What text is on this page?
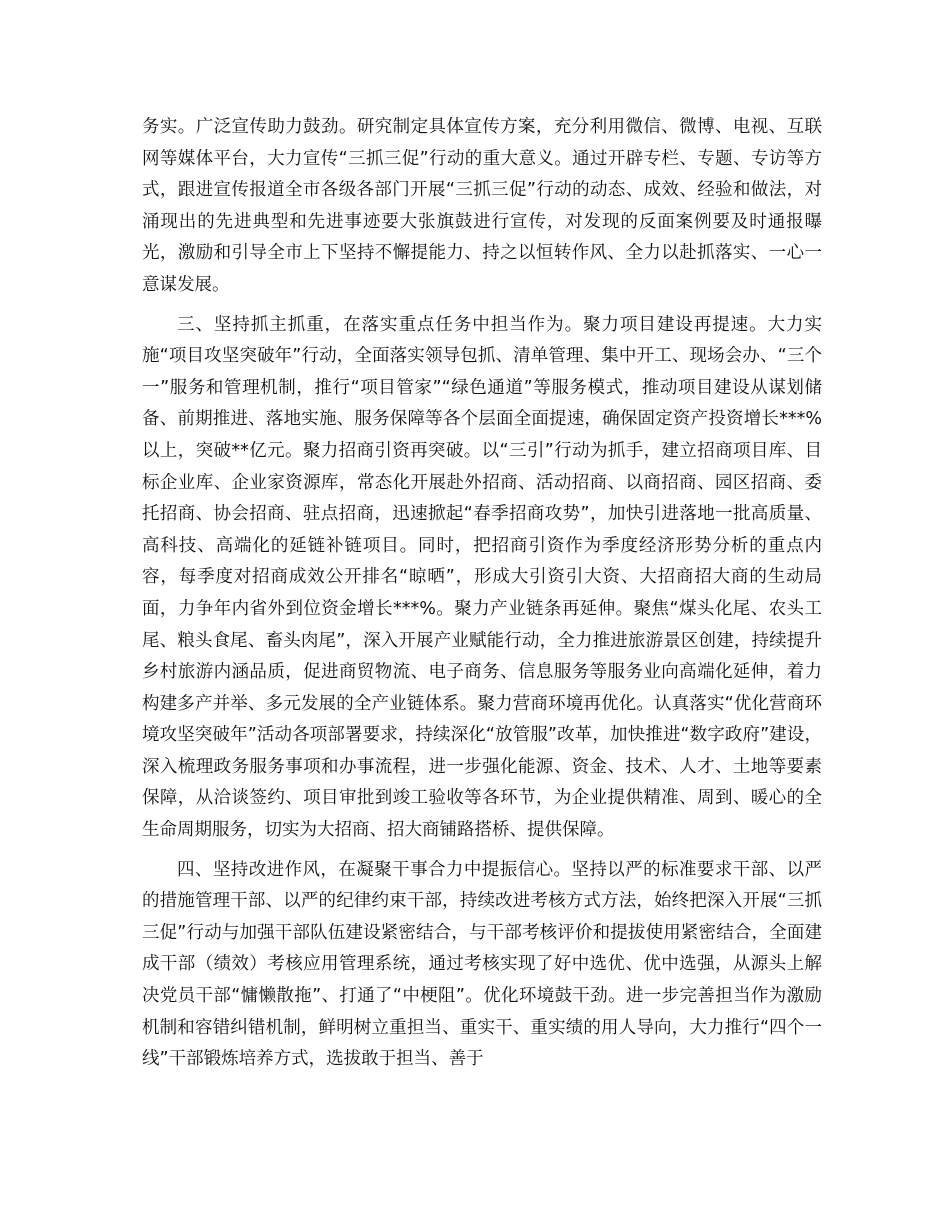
务实。广泛宣传助力鼓劲。研究制定具体宣传方案，充分利用微信、微博、电视、互联网等媒体平台，大力宣传“三抓三促”行动的重大意义。通过开辟专栏、专题、专访等方式，跟进宣传报道全市各级各部门开展“三抓三促”行动的动态、成效、经验和做法，对涌现出的先进典型和先进事迹要大张旗鼓进行宣传，对发现的反面案例要及时通报曝光，激励和引导全市上下坚持不懈提能力、持之以恒转作风、全力以赴抓落实、一心一意谋发展。

三、坚持抓主抓重，在落实重点任务中担当作为。聚力项目建设再提速。大力实施“项目攻坚突破年”行动，全面落实领导包抓、清单管理、集中开工、现场会办、“三个一”服务和管理机制，推行“项目管家”“绿色通道”等服务模式，推动项目建设从谋划储备、前期推进、落地实施、服务保障等各个层面全面提速，确保固定资产投资增长***%以上，突破**亿元。聚力招商引资再突破。以“三引”行动为抓手，建立招商项目库、目标企业库、企业家资源库，常态化开展赴外招商、活动招商、以商招商、园区招商、委托招商、协会招商、驻点招商，迅速掀起“春季招商攻势”，加快引进落地一批高质量、高科技、高端化的延链补链项目。同时，把招商引资作为季度经济形势分析的重点内容，每季度对招商成效公开排名“晾晒”，形成大引资引大资、大招商招大商的生动局面，力争年内省外到位资金增长***%。聚力产业链条再延伸。聚焦“煤头化尾、农头工尾、粮头食尾、畜头肉尾”，深入开展产业赋能行动，全力推进旅游景区创建，持续提升乡村旅游内涵品质，促进商贸物流、电子商务、信息服务等服务业向高端化延伸，着力构建多产并举、多元发展的全产业链体系。聚力营商环境再优化。认真落实“优化营商环境攻坚突破年”活动各项部署要求，持续深化“放管服”改革，加快推进“数字政府”建设，深入梳理政务服务事项和办事流程，进一步强化能源、资金、技术、人才、土地等要素保障，从洽谈签约、项目审批到竣工验收等各环节，为企业提供精准、周到、暖心的全生命周期服务，切实为大招商、招大商铺路搭桥、提供保障。

四、坚持改进作风，在凝聚干事合力中提振信心。坚持以严的标准要求干部、以严的措施管理干部、以严的纪律约束干部，持续改进考核方式方法，始终把深入开展“三抓三促”行动与加强干部队伍建设紧密结合，与干部考核评价和提拔使用紧密结合，全面建成干部（绩效）考核应用管理系统，通过考核实现了好中选优、优中选强，从源头上解决党员干部“慵懒散拖”、打通了“中梗阻”。优化环境鼓干劲。进一步完善担当作为激励机制和容错纠错机制，鲜明树立重担当、重实干、重实绩的用人导向，大力推行“四个一线”干部锻炼培养方式，选拔敢于担当、善于
